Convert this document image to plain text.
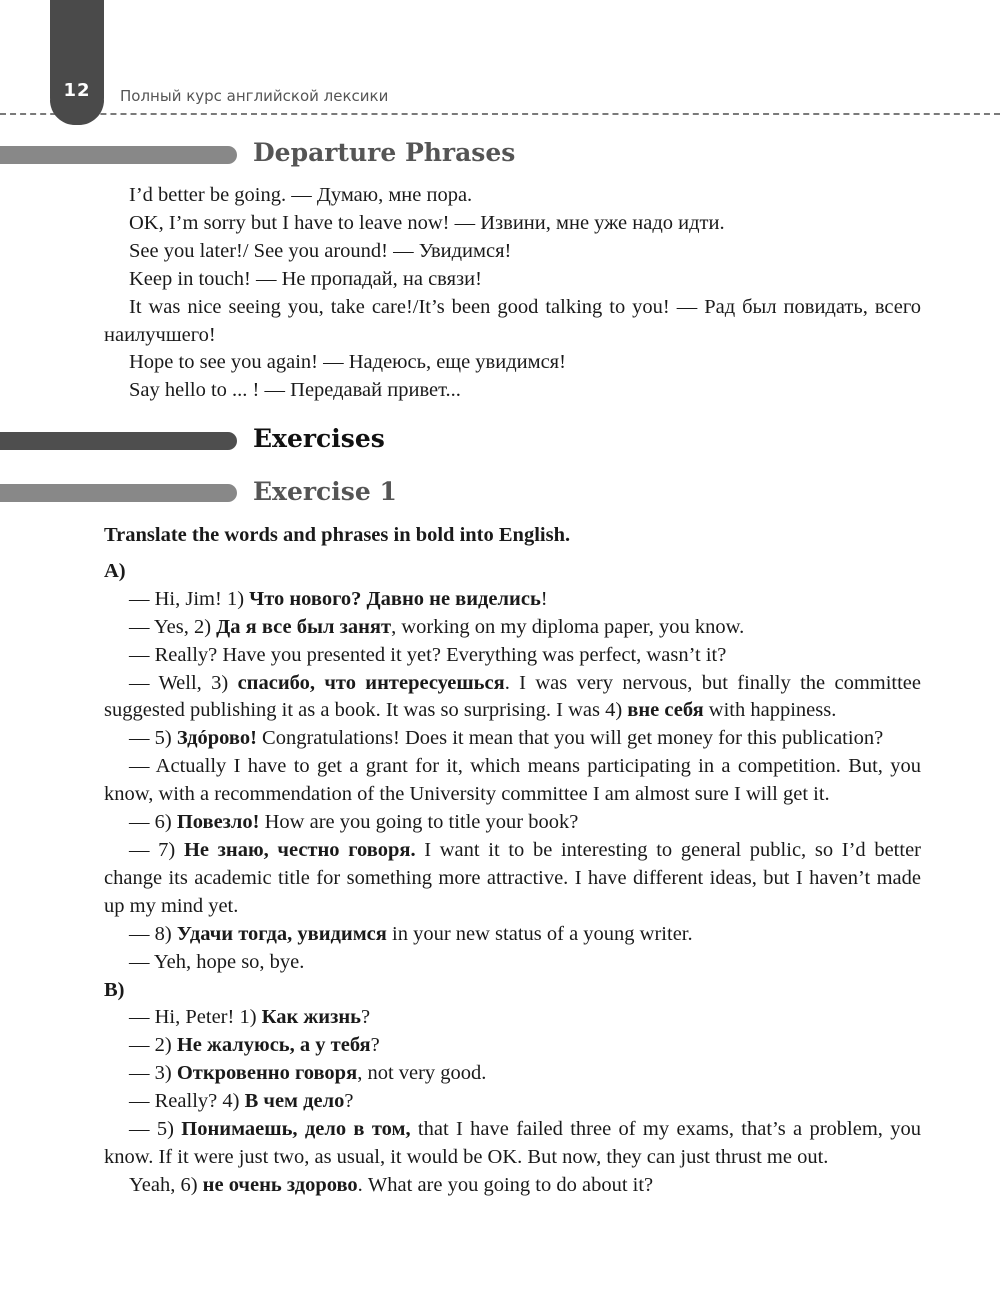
12	Полный курс английской лексики
Departure Phrases

I’d better be going. — Думаю, мне пора.

OK, I’m sorry but I have to leave now! — Извини, мне уже надо идти.

See you later!/ See you around! — Увидимся!

Keep in touch! — Не пропадай, на связи!

It was nice seeing you, take care!/It’s been good talking to you! — Рад был повидать, всего наилучшего!

Hope to see you again! — Надеюсь, еще увидимся!

Say hello to ... ! — Передавай привет...

Exercises
Exercise 1

Translate the words and phrases in bold into English.

A)

— Hi, Jim! 1) Что нового? Давно не виделись!

— Yes, 2) Да я все был занят, working on my diploma paper, you know.

— Really? Have you presented it yet? Everything was perfect, wasn’t it?

— Well, 3) спасибо, что интересуешься. I was very nervous, but finally the committee suggested publishing it as a book. It was so surprising. I was 4) вне себя with happiness.

— 5) Здóрово! Congratulations! Does it mean that you will get money for this publication?

— Actually I have to get a grant for it, which means participating in a competition. But, you know, with a recommendation of the University committee I am almost sure I will get it.

— 6) Повезло! How are you going to title your book?

— 7) Не знаю, честно говоря. I want it to be interesting to general public, so I’d better change its academic title for something more attractive. I have different ideas, but I haven’t made up my mind yet.

— 8) Удачи тогда, увидимся in your new status of a young writer.

— Yeh, hope so, bye.

B)

— Hi, Peter! 1) Как жизнь?

— 2) Не жалуюсь, а у тебя?

— 3) Откровенно говоря, not very good.

— Really? 4) В чем дело?

— 5) Понимаешь, дело в том, that I have failed three of my exams, that’s a problem, you know. If it were just two, as usual, it would be OK. But now, they can just thrust me out.

Yeah, 6) не очень здорово. What are you going to do about it?
